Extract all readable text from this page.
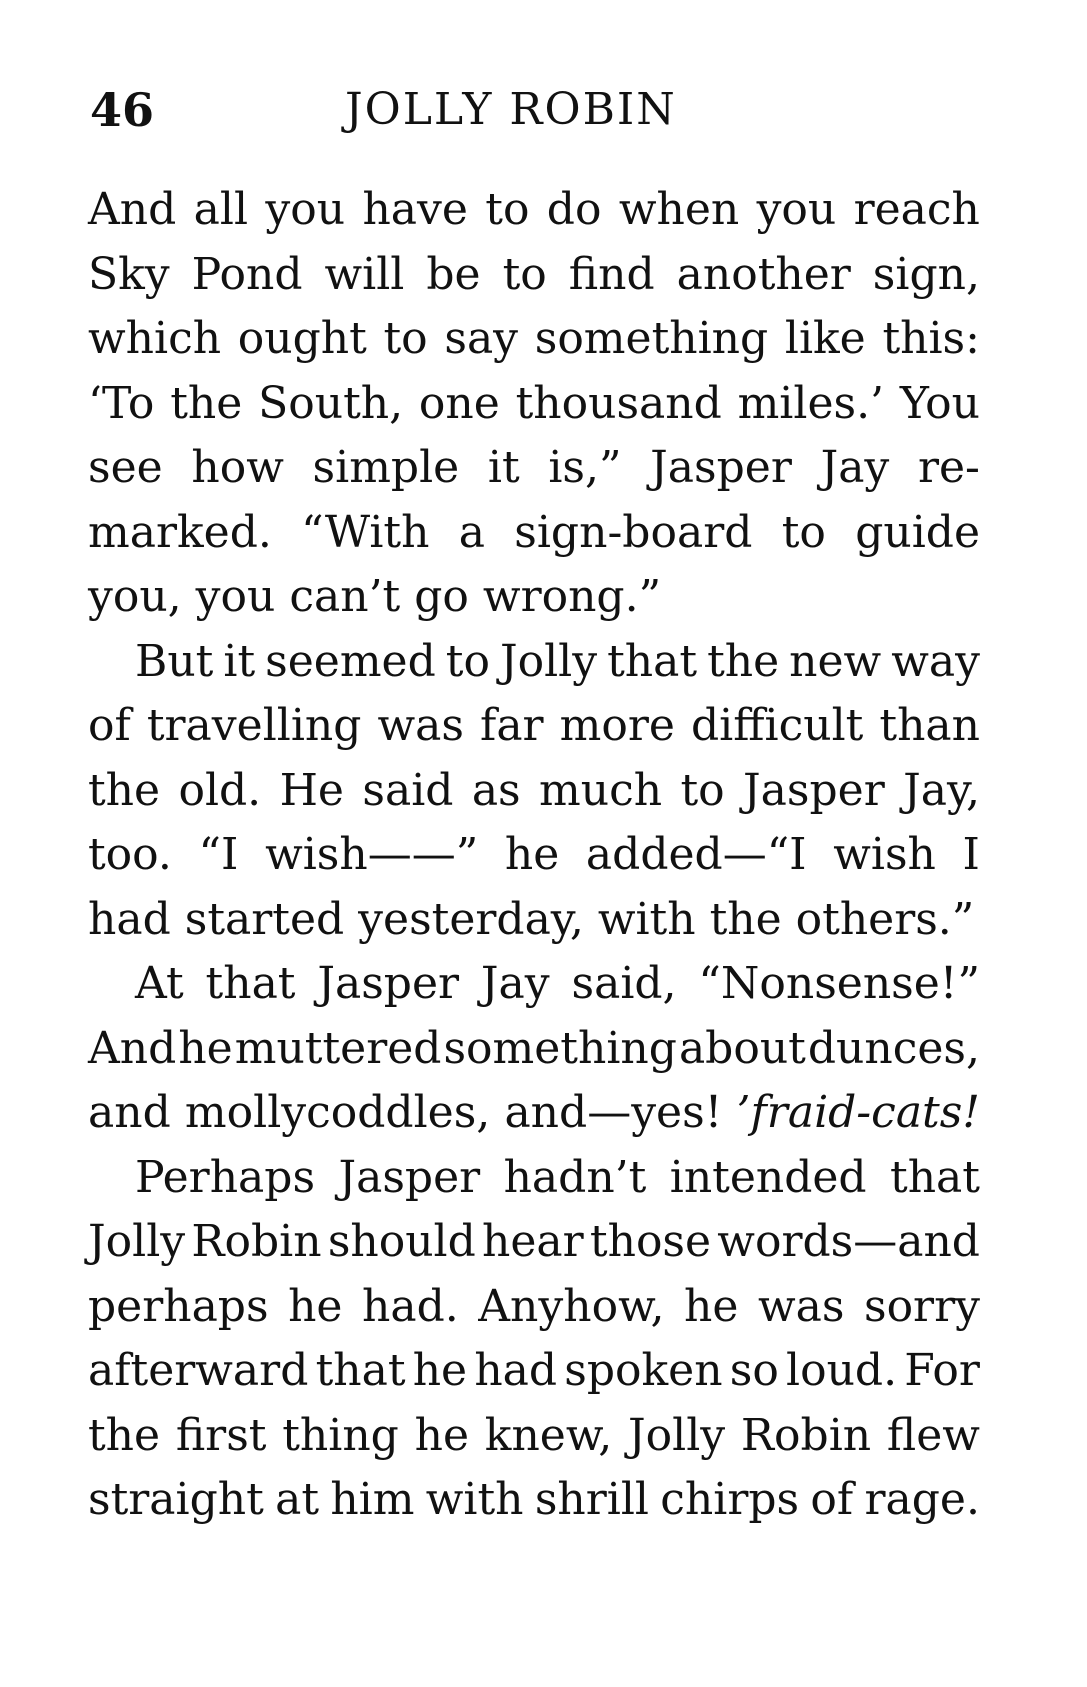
46	JOLLY ROBIN
And all you have to do when you reach
Sky Pond will be to find another sign,
which ought to say something like this:
‘To the South, one thousand miles.’ You
see how simple it is,” Jasper Jay re-
marked. “With a sign-board to guide
you, you can’t go wrong.”
But it seemed to Jolly that the new way
of travelling was far more difficult than
the old. He said as much to Jasper Jay,
too. “I wish——” he added—“I wish I
had started yesterday, with the others.”
At that Jasper Jay said, “Nonsense!”
And he muttered something about dunces,
and mollycoddles, and—yes! ’fraid-cats!
Perhaps Jasper hadn’t intended that
Jolly Robin should hear those words—and
perhaps he had. Anyhow, he was sorry
afterward that he had spoken so loud. For
the first thing he knew, Jolly Robin flew
straight at him with shrill chirps of rage.
